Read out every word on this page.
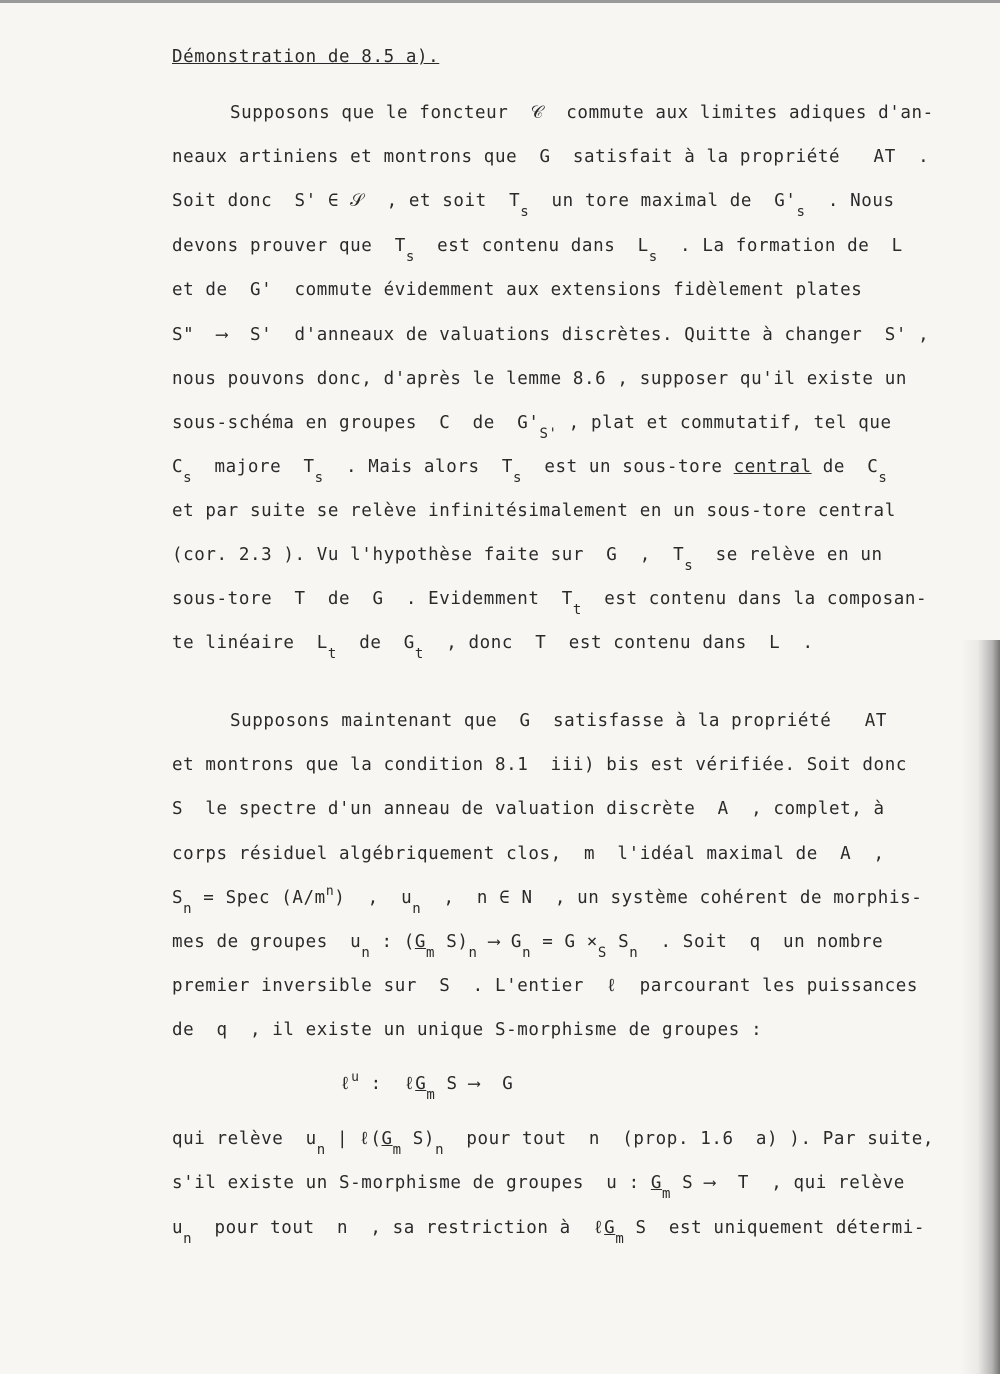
Démonstration de 8.5 a).
Supposons que le foncteur  𝒞  commute aux limites adiques d'an-
neaux artiniens et montrons que  G  satisfait à la propriété   AT  .
Soit donc  S' ∈ 𝒮  , et soit  $T_s$  un tore maximal de  $G'_s$  . Nous
devons prouver que  $T_s$  est contenu dans  $L_s$  . La formation de  L
et de  G'  commute évidemment aux extensions fidèlement plates
S"  ⟶  S'  d'anneaux de valuations discrètes. Quitte à changer  S' ,
nous pouvons donc, d'après le lemme 8.6 , supposer qu'il existe un
sous-schéma en groupes  C  de  $G'_{S'}$ , plat et commutatif, tel que
$C_s$  majore  $T_s$  . Mais alors  $T_s$  est un sous-tore central de  $C_s$
et par suite se relève infinitésimalement en un sous-tore central
(cor. 2.3 ). Vu l'hypothèse faite sur  G  ,  $T_s$  se relève en un
sous-tore  T  de  G  . Evidemment  $T_t$  est contenu dans la composan-
te linéaire  $L_t$  de  $G_t$  , donc  T  est contenu dans  L  .
Supposons maintenant que  G  satisfasse à la propriété   AT
et montrons que la condition 8.1  iii) bis est vérifiée. Soit donc
S  le spectre d'un anneau de valuation discrète  A  , complet, à
corps résiduel algébriquement clos,  m  l'idéal maximal de  A  ,
$S_n$ = Spec $(A/m^n)$  ,  $u_n$  ,  n ∈ N  , un système cohérent de morphis-
mes de groupes  $u_n$ : ($G_m$ $S)_n$ ⟶ $G_n = G \times_S$ $S_n$  . Soit  q  un nombre
premier inversible sur  S  . L'entier  ℓ  parcourant les puissances
de  q  , il existe un unique S-morphisme de groupes :
ℓ$^u$ :  ℓG$_m$ S ⟶  G
qui relève  $u_n$ | $\ell(G_m$ $S)_n$  pour tout  n  (prop. 1.6  a) ). Par suite,
s'il existe un S-morphisme de groupes  u : $G_m$ S ⟶  T  , qui relève
$u_n$  pour tout  n  , sa restriction à  ℓG$_m$ S  est uniquement détermi-
